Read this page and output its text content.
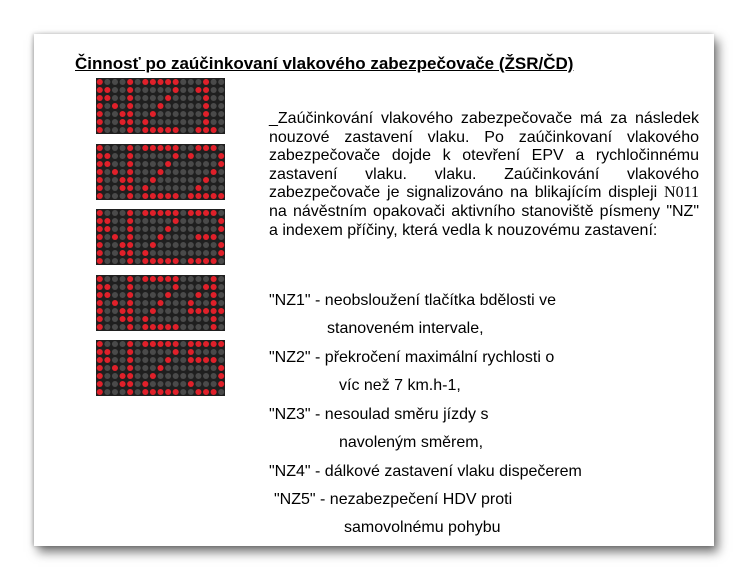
Činnosť po zaúčinkovaní vlakového zabezpečovače (ŽSR/ČD)
_Zaúčinkování vlakového zabezpečovače má za následek nouzové zastavení vlaku. Po zaúčinkovaní vlakového zabezpečovače dojde k otevření EPV a rychločinnému zastavení vlaku. vlaku. Zaúčinkování vlakového zabezpečovače je signalizováno na blikajícím displeji N011 na návěstním opakovači aktivního stanoviště písmeny "NZ" a indexem příčiny, která vedla k nouzovému zastavení:
"NZ1" - neobsloužení tlačítka bdělosti ve
stanoveném intervale,
"NZ2" - překročení maximální rychlosti o
víc než 7 km.h-1,
"NZ3" - nesoulad směru jízdy s
navoleným směrem,
"NZ4" - dálkové zastavení vlaku dispečerem
"NZ5" - nezabezpečení HDV proti
samovolnému pohybu
